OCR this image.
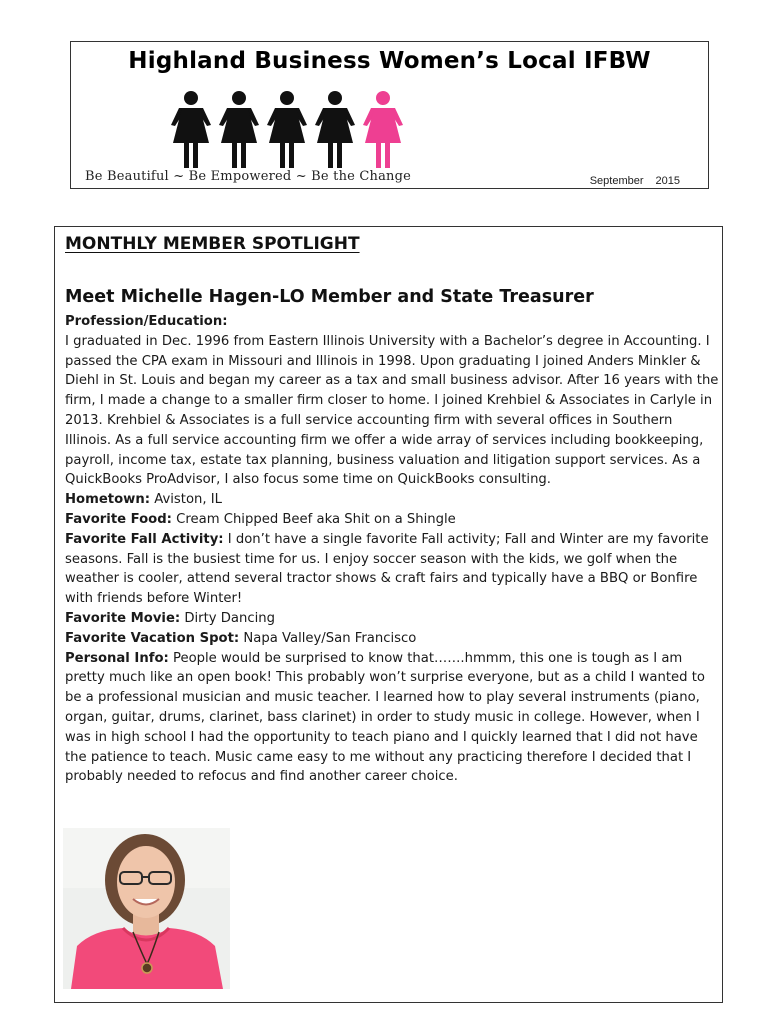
Highland Business Women’s Local IFBW
Be Beautiful ~ Be Empowered ~ Be the Change	September 2015
MONTHLY MEMBER SPOTLIGHT
Meet Michelle Hagen-LO Member and State Treasurer

Profession/Education:
I graduated in Dec. 1996 from Eastern Illinois University with a Bachelor’s degree in Accounting. I passed the CPA exam in Missouri and Illinois in 1998. Upon graduating I joined Anders Minkler & Diehl in St. Louis and began my career as a tax and small business advisor. After 16 years with the firm, I made a change to a smaller firm closer to home. I joined Krehbiel & Associates in Carlyle in 2013. Krehbiel & Associates is a full service accounting firm with several offices in Southern Illinois. As a full service accounting firm we offer a wide array of services including bookkeeping, payroll, income tax, estate tax planning, business valuation and litigation support services. As a QuickBooks ProAdvisor, I also focus some time on QuickBooks consulting.

Hometown: Aviston, IL

Favorite Food: Cream Chipped Beef aka Shit on a Shingle

Favorite Fall Activity: I don’t have a single favorite Fall activity; Fall and Winter are my favorite seasons. Fall is the busiest time for us. I enjoy soccer season with the kids, we golf when the weather is cooler, attend several tractor shows & craft fairs and typically have a BBQ or Bonfire with friends before Winter!

Favorite Movie: Dirty Dancing

Favorite Vacation Spot: Napa Valley/San Francisco

Personal Info: People would be surprised to know that…….hmmm, this one is tough as I am pretty much like an open book! This probably won’t surprise everyone, but as a child I wanted to be a professional musician and music teacher. I learned how to play several instruments (piano, organ, guitar, drums, clarinet, bass clarinet) in order to study music in college. However, when I was in high school I had the opportunity to teach piano and I quickly learned that I did not have the patience to teach. Music came easy to me without any practicing therefore I decided that I probably needed to refocus and find another career choice.
